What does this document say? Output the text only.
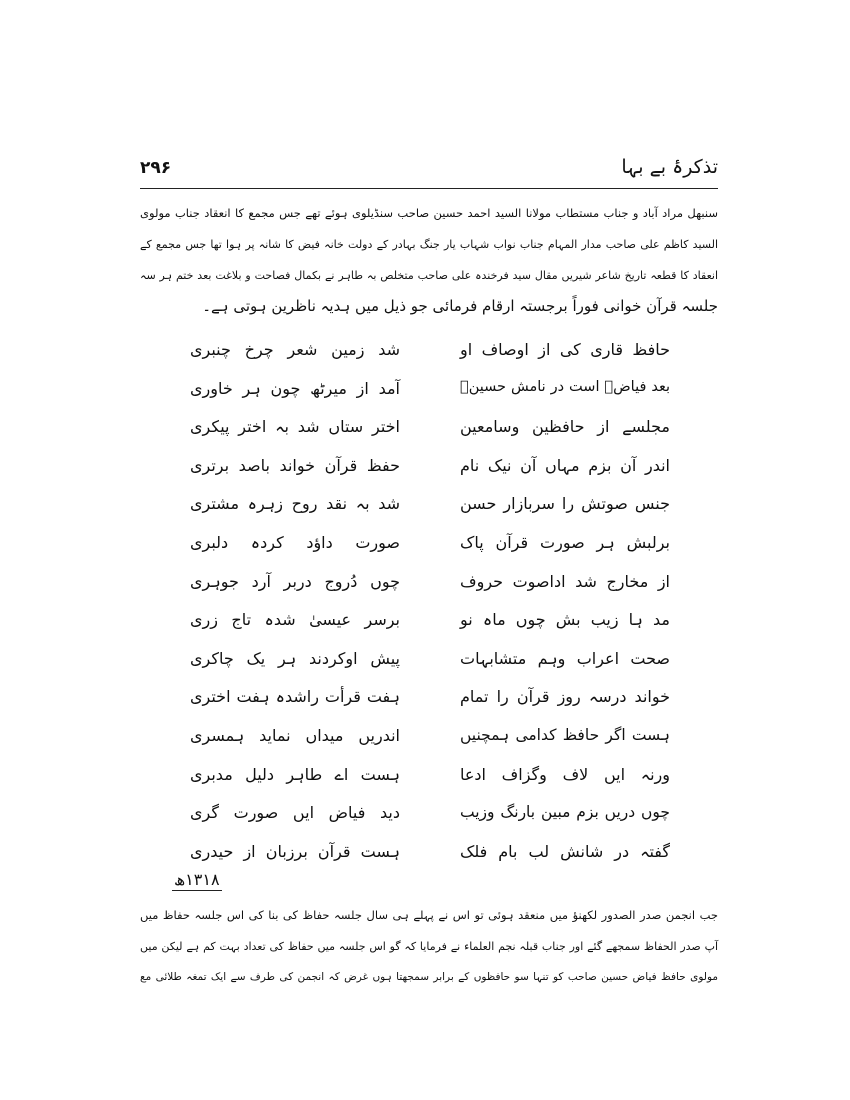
۲۹۶	تذکرۂ بے بہا
سنبھل مراد آباد و جناب مستطاب مولانا السید احمد حسین صاحب سنڈیلوی ہوئے تھے جس مجمع کا انعقاد جناب مولوی
السید کاظم علی صاحب مدار المہام جناب نواب شہاب یار جنگ بہادر کے دولت خانہ فیض کا شانہ پر ہوا تھا جس مجمع کے
انعقاد کا قطعہ تاریخ شاعر شیریں مقال سید فرخندہ علی صاحب متخلص بہ طاہر نے بکمال فصاحت و بلاغت بعد ختم ہر سہ
جلسہ قرآن خوانی فوراً برجستہ ارقام فرمائی جو ذیل میں ہدیہ ناظرین ہوتی ہے۔
حافظ قاری کی از اوصاف او
شد زمین شعر چرخ چنبری
بعد فیاضؔ است در نامش حسینؔ
آمد از میرٹھ چون ہر خاوری
مجلسے از حافظین وسامعین
اختر ستاں شد بہ اختر پیکری
اندر آن بزم مہاں آن نیک نام
حفظ قرآن خواند باصد برتری
جنس صوتش را سربازار حسن
شد بہ نقد روح زہرہ مشتری
برلبش ہر صورت قرآن پاک
صورت داؤد کردہ دلبری
از مخارج شد اداصوت حروف
چوں دُروج دربر آرد جوہری
مد ہا زیب بش چوں ماہ نو
برسر عیسیٰ شدہ تاج زری
صحت اعراب وہم متشابہات
پیش اوکردند ہر یک چاکری
خواند درسہ روز قرآن را تمام
ہفت قرأت راشدہ ہفت اختری
ہست اگر حافظ کدامی ہمچنیں
اندریں میداں نماید ہمسری
ورنہ ایں لاف وگزاف ادعا
ہست اے طاہر دلیل مدبری
چوں دریں بزم مبین بارنگ وزیب
دید فیاض ایں صورت گری
گفتہ در شانش لب بام فلک
ہست قرآن برزبان از حیدری
۱۳۱۸ھ
جب انجمن صدر الصدور لکھنؤ میں منعقد ہوئی تو اس نے پہلے ہی سال جلسہ حفاظ کی بنا کی اس جلسہ حفاظ میں
آپ صدر الحفاظ سمجھے گئے اور جناب قبلہ نجم العلماء نے فرمایا کہ گو اس جلسہ میں حفاظ کی تعداد بہت کم ہے لیکن میں
مولوی حافظ فیاض حسین صاحب کو تنہا سو حافظوں کے برابر سمجھتا ہوں غرض کہ انجمن کی طرف سے ایک تمغہ طلائی مع
